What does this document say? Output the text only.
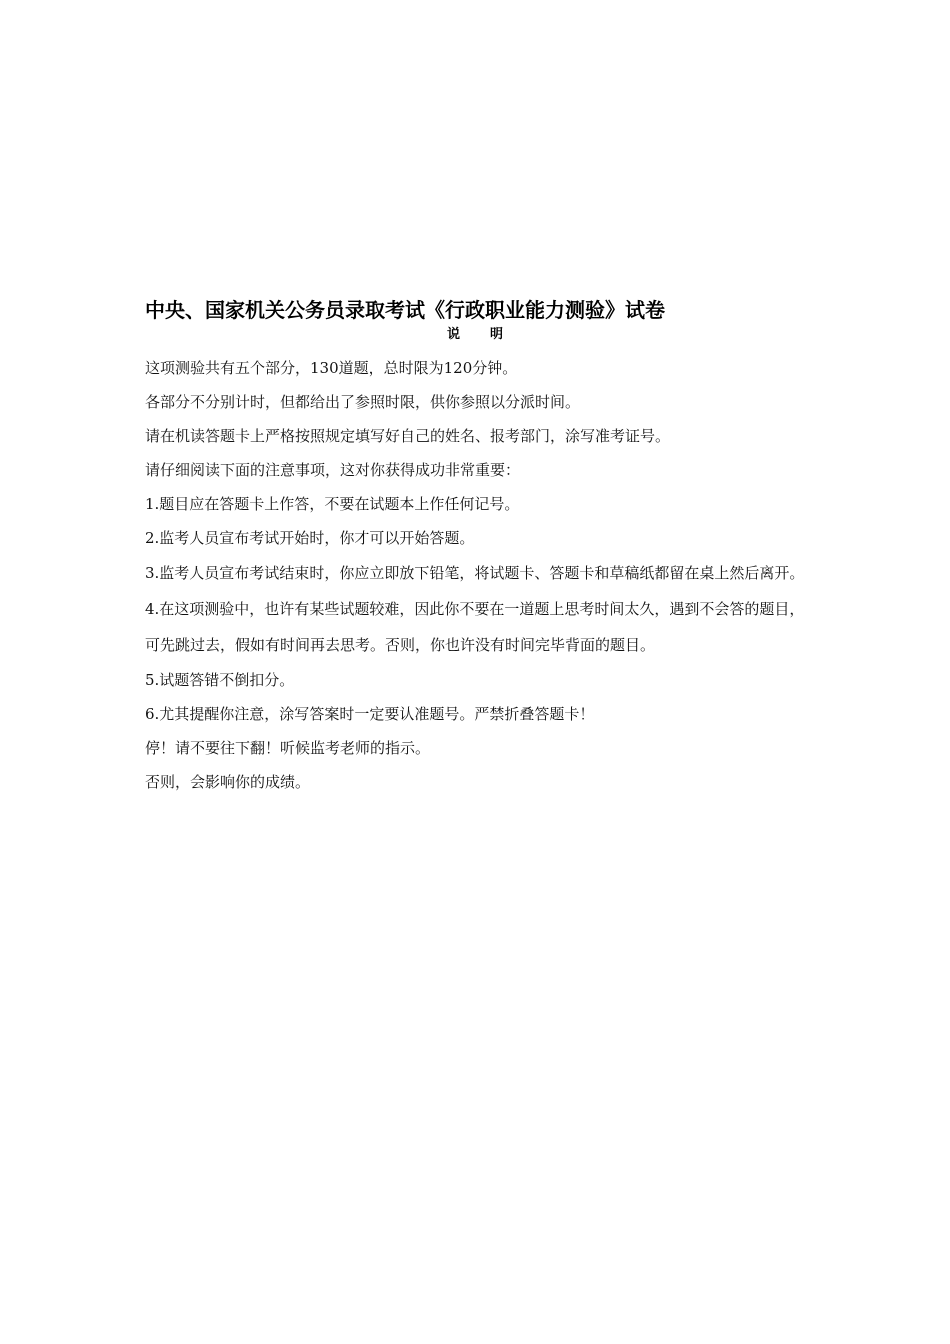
中央、国家机关公务员录取考试《行政职业能力测验》试卷
说明

这项测验共有五个部分，130道题，总时限为120分钟。

各部分不分别计时，但都给出了参照时限，供你参照以分派时间。

请在机读答题卡上严格按照规定填写好自己的姓名、报考部门，涂写准考证号。

请仔细阅读下面的注意事项，这对你获得成功非常重要：

1.题目应在答题卡上作答，不要在试题本上作任何记号。

2.监考人员宣布考试开始时，你才可以开始答题。

3.监考人员宣布考试结束时，你应立即放下铅笔，将试题卡、答题卡和草稿纸都留在桌上然后离开。

4.在这项测验中，也许有某些试题较难，因此你不要在一道题上思考时间太久，遇到不会答的题目，可先跳过去，假如有时间再去思考。否则，你也许没有时间完毕背面的题目。

5.试题答错不倒扣分。

6.尤其提醒你注意，涂写答案时一定要认准题号。严禁折叠答题卡！

停！请不要往下翻！听候监考老师的指示。

否则，会影响你的成绩。
